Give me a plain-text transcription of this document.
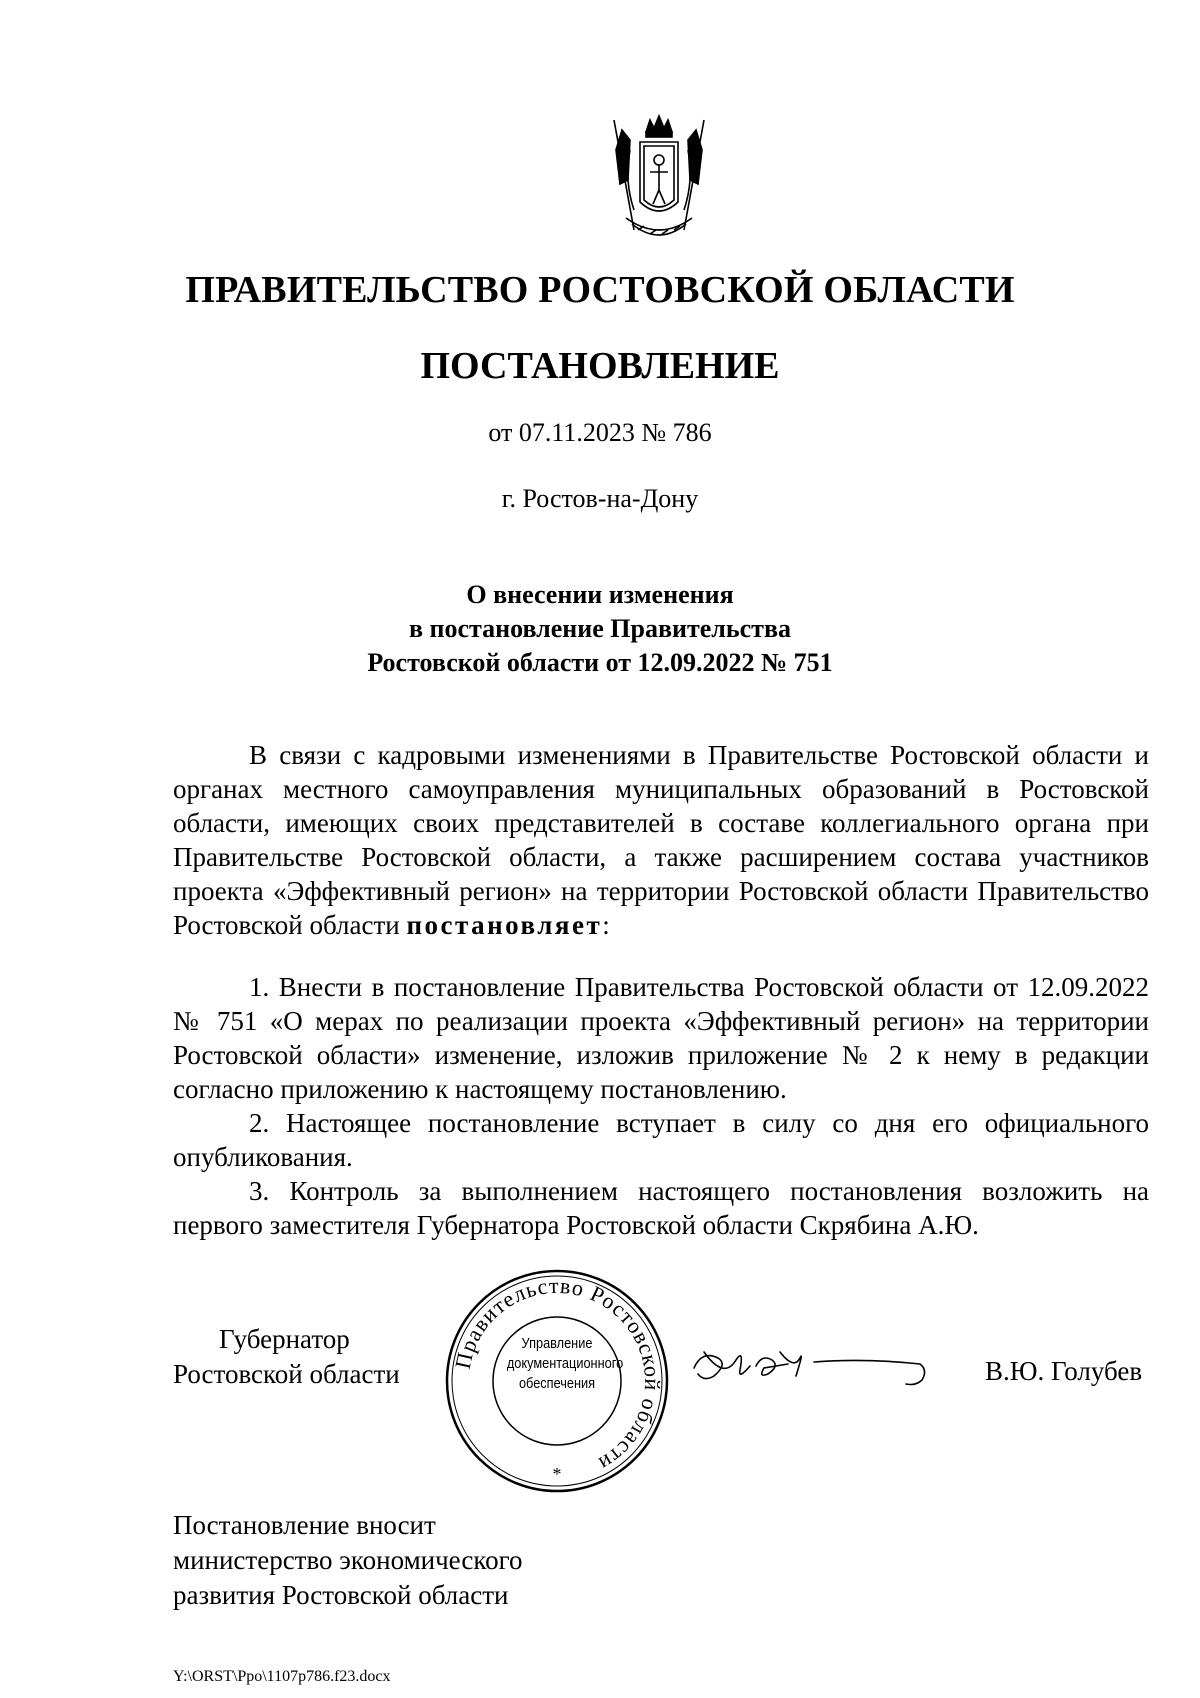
ПРАВИТЕЛЬСТВО РОСТОВСКОЙ ОБЛАСТИ
ПОСТАНОВЛЕНИЕ
от 07.11.2023 № 786
г. Ростов-на-Дону
О внесении изменения
в постановление Правительства
Ростовской области от 12.09.2022 № 751

В связи с кадровыми изменениями в Правительстве Ростовской области и органах местного самоуправления муниципальных образований в Ростовской области, имеющих своих представителей в составе коллегиального органа при Правительстве Ростовской области, а также расширением состава участников проекта «Эффективный регион» на территории Ростовской области Правительство Ростовской области постановляет:

1. Внести в постановление Правительства Ростовской области от 12.09.2022 № 751 «О мерах по реализации проекта «Эффективный регион» на территории Ростовской области» изменение, изложив приложение № 2 к нему в редакции согласно приложению к настоящему постановлению.

2. Настоящее постановление вступает в силу со дня его официального опубликования.

3. Контроль за выполнением настоящего постановления возложить на первого заместителя Губернатора Ростовской области Скрябина А.Ю.

Губернатор
Ростовской области Правительство Ростовской области
*
Управление
документационного
обеспечения	В.Ю. Голубев
Постановление вносит
министерство экономического
развития Ростовской области
Y:\ORST\Ppo\1107p786.f23.docx
